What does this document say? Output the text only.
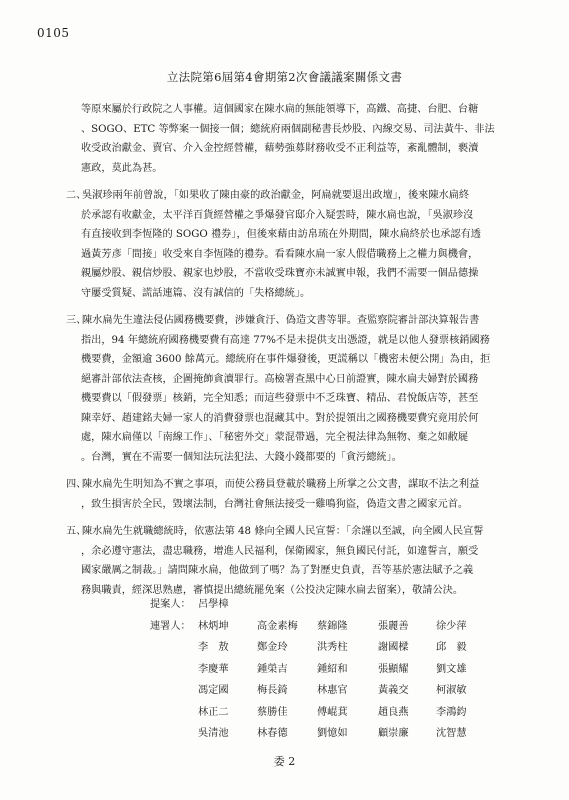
0105
立法院第6屆第4會期第2次會議議案關係文書
等原來屬於行政院之人事權。這個國家在陳水扁的無能領導下，高鐵、高捷、台肥、台糖
、SOGO、ETC 等弊案一個接一個；總統府兩個副秘書長炒股、內線交易、司法黃牛、非法
收受政治獻金、賣官、介入金控經營權，藉勢強募財務收受不正利益等，紊亂體制，褻瀆
憲政，莫此為甚。
二、吳淑珍兩年前曾說，「如果收了陳由豪的政治獻金，阿扁就要退出政壇」，後來陳水扁終
於承認有收獻金，太平洋百貨經營權之爭爆發官邸介入疑雲時，陳水扁也說，「吳淑珍沒
有直接收到李恆隆的 SOGO 禮券」，但後來藉由訪帛琉在外期間，陳水扁終於也承認有透
過黃芳彥「間接」收受來自李恆隆的禮券。看看陳水扁一家人假借職務上之權力與機會，
親屬炒股、親信炒股、親家也炒股，不當收受珠寶亦未誠實申報，我們不需要一個品德操
守屢受質疑、謊話連篇、沒有誠信的「失格總統」。
三、陳水扁先生違法侵佔國務機要費，涉嫌貪汙、偽造文書等罪。查監察院審計部決算報告書
指出，94 年總統府國務機要費有高達 77%不是未提供支出憑證，就是以他人發票核銷國務
機要費，金額逾 3600 餘萬元。總統府在事件爆發後，更謊稱以「機密未便公開」為由，拒
絕審計部依法查核，企圖掩飾貪瀆罪行。高檢署查黑中心日前證實，陳水扁夫婦對於國務
機要費以「假發票」核銷，完全知悉；而這些發票中不乏珠寶、精品、君悅飯店等，甚至
陳幸妤、趙建銘夫婦一家人的消費發票也混藏其中。對於提領出之國務機要費究竟用於何
處，陳水扁僅以「南線工作」、「秘密外交」蒙混帶過，完全視法律為無物、棄之如敝屣
。台灣，實在不需要一個知法玩法犯法、大錢小錢都要的「貪污總統」。
四、陳水扁先生明知為不實之事項，而使公務員登載於職務上所掌之公文書，謀取不法之利益
，致生損害於全民，毀壞法制，台灣社會無法接受一雞鳴狗盜，偽造文書之國家元首。
五、陳水扁先生就職總統時，依憲法第 48 條向全國人民宣誓：「余謹以至誠，向全國人民宣誓
，余必遵守憲法，盡忠職務，增進人民福利，保衛國家，無負國民付託，如違誓言，願受
國家嚴厲之制裁。」請問陳水扁，他做到了嗎？為了對歷史負責，吾等基於憲法賦予之義
務與職責，經深思熟慮，審慎提出總統罷免案（公投決定陳水扁去留案），敬請公決。
提案人： 呂學樟
連署人： 林炳坤	高金素梅 蔡錦隆	張麗善	徐少萍
李　敖	鄭金玲	洪秀柱	謝國樑	邱　毅
李慶華	鍾榮吉	鍾紹和	張顯耀	劉文雄
馮定國	梅長錡	林惠官	黃義交	柯淑敏
林正二	蔡勝佳	傅崐萁	趙良燕	李鴻鈞
吳清池	林春德	劉憶如	顧崇廉	沈智慧
委 2
